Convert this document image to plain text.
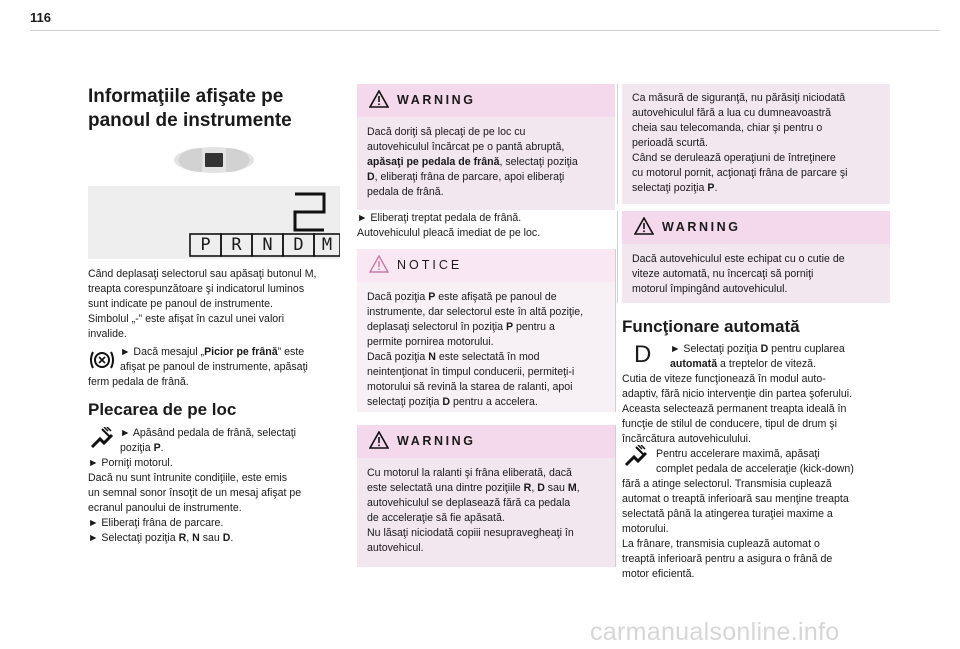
116
Informaţiile afişate pe
panoul de instrumente
P	R	N	D	M

Când deplasaţi selectorul sau apăsaţi butonul M,

treapta corespunzătoare şi indicatorul luminos

sunt indicate pe panoul de instrumente.

Simbolul „-” este afişat în cazul unei valori

invalide.

► Dacă mesajul „Picior pe frână” este

afişat pe panoul de instrumente, apăsaţi

ferm pedala de frână.

Plecarea de pe loc

► Apăsând pedala de frână, selectaţi

poziţia P.

► Porniţi motorul.

Dacă nu sunt întrunite condiţiile, este emis

un semnal sonor însoţit de un mesaj afişat pe

ecranul panoului de instrumente.

► Eliberaţi frâna de parcare.

► Selectaţi poziţia R, N sau D.

WARNING

Dacă doriţi să plecaţi de pe loc cu

autovehiculul încărcat pe o pantă abruptă,

apăsaţi pe pedala de frână, selectaţi poziţia

D, eliberaţi frâna de parcare, apoi eliberaţi

pedala de frână.

► Eliberaţi treptat pedala de frână.

Autovehiculul pleacă imediat de pe loc.

NOTICE

Dacă poziţia P este afişată pe panoul de

instrumente, dar selectorul este în altă poziţie,

deplasaţi selectorul în poziţia P pentru a

permite pornirea motorului.

Dacă poziţia N este selectată în mod

neintenţionat în timpul conducerii, permiteţi-i

motorului să revină la starea de ralanti, apoi

selectaţi poziţia D pentru a accelera.

WARNING

Cu motorul la ralanti şi frâna eliberată, dacă

este selectată una dintre poziţiile R, D sau M,

autovehiculul se deplasează fără ca pedala

de acceleraţie să fie apăsată.

Nu lăsaţi niciodată copiii nesupravegheaţi în

autovehicul.

Ca măsură de siguranţă, nu părăsiţi niciodată

autovehiculul fără a lua cu dumneavoastră

cheia sau telecomanda, chiar şi pentru o

perioadă scurtă.

Când se derulează operaţiuni de întreţinere

cu motorul pornit, acţionaţi frâna de parcare şi

selectaţi poziţia P.

WARNING

Dacă autovehiculul este echipat cu o cutie de

viteze automată, nu încercaţi să porniţi

motorul împingând autovehiculul.

Funcţionare automată
D	► Selectaţi poziţia D pentru cuplarea

automată a treptelor de viteză.

Cutia de viteze funcţionează în modul auto-

adaptiv, fără nicio intervenţie din partea şoferului.

Aceasta selectează permanent treapta ideală în

funcţie de stilul de conducere, tipul de drum şi

încărcătura autovehiculului.

Pentru accelerare maximă, apăsaţi

complet pedala de acceleraţie (kick-down)

fără a atinge selectorul. Transmisia cuplează

automat o treaptă inferioară sau menţine treapta

selectată până la atingerea turaţiei maxime a

motorului.

La frânare, transmisia cuplează automat o

treaptă inferioară pentru a asigura o frână de

motor eficientă.

carmanualsonline.info
